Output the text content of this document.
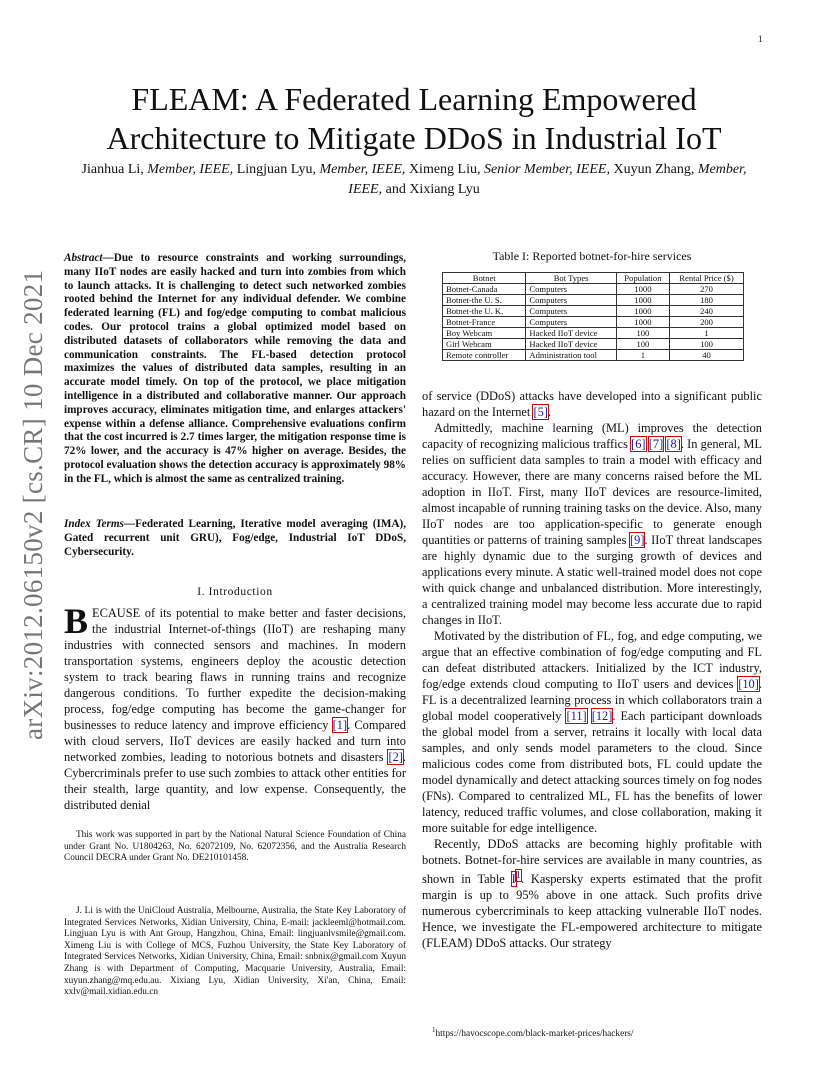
1
arXiv:2012.06150v2 [cs.CR] 10 Dec 2021
FLEAM: A Federated Learning Empowered
Architecture to Mitigate DDoS in Industrial IoT
Jianhua Li, Member, IEEE, Lingjuan Lyu, Member, IEEE, Ximeng Liu, Senior Member, IEEE, Xuyun Zhang, Member, IEEE, and Xixiang Lyu
Abstract—Due to resource constraints and working surroundings, many IIoT nodes are easily hacked and turn into zombies from which to launch attacks. It is challenging to detect such networked zombies rooted behind the Internet for any individual defender. We combine federated learning (FL) and fog/edge computing to combat malicious codes. Our protocol trains a global optimized model based on distributed datasets of collaborators while removing the data and communication constraints. The FL-based detection protocol maximizes the values of distributed data samples, resulting in an accurate model timely. On top of the protocol, we place mitigation intelligence in a distributed and collaborative manner. Our approach improves accuracy, eliminates mitigation time, and enlarges attackers' expense within a defense alliance. Comprehensive evaluations confirm that the cost incurred is 2.7 times larger, the mitigation response time is 72% lower, and the accuracy is 47% higher on average. Besides, the protocol evaluation shows the detection accuracy is approximately 98% in the FL, which is almost the same as centralized training.
Index Terms—Federated Learning, Iterative model averaging (IMA), Gated recurrent unit GRU), Fog/edge, Industrial IoT DDoS, Cybersecurity.
I. Introduction
BECAUSE of its potential to make better and faster decisions, the industrial Internet-of-things (IIoT) are reshaping many industries with connected sensors and machines. In modern transportation systems, engineers deploy the acoustic detection system to track bearing flaws in running trains and recognize dangerous conditions. To further expedite the decision-making process, fog/edge computing has become the game-changer for businesses to reduce latency and improve efficiency [1]. Compared with cloud servers, IIoT devices are easily hacked and turn into networked zombies, leading to notorious botnets and disasters [2]. Cybercriminals prefer to use such zombies to attack other entities for their stealth, large quantity, and low expense. Consequently, the distributed denial

This work was supported in part by the National Natural Science Foundation of China under Grant No. U1804263, No. 62072109, No. 62072356, and the Australia Research Council DECRA under Grant No. DE210101458.

J. Li is with the UniCloud Australia, Melbourne, Australia, the State Key Laboratory of Integrated Services Networks, Xidian University, China, E-mail: jackleeml@hotmail.com. Lingjuan Lyu is with Ant Group, Hangzhou, China, Email: lingjuanlvsmile@gmail.com. Ximeng Liu is with College of MCS, Fuzhou University, the State Key Laboratory of Integrated Services Networks, Xidian University, China, Email: snbnix@gmail.com Xuyun Zhang is with Department of Computing, Macquarie University, Australia, Email: xuyun.zhang@mq.edu.au. Xixiang Lyu, Xidian University, Xi'an, China, Email: xxlv@mail.xidian.edu.cn

Table I: Reported botnet-for-hire services
Botnet	Bot Types	Population	Rental Price ($)
Botnet-Canada	Computers	1000	270
Botnet-the U. S.	Computers	1000	180
Botnet-the U. K.	Computers	1000	240
Botnet-France	Computers	1000	200
Boy Webcam	Hacked IIoT device	100	1
Girl Webcam	Hacked IIoT device	100	100
Remote controller	Administration tool	1	40

of service (DDoS) attacks have developed into a significant public hazard on the Internet [5].

Admittedly, machine learning (ML) improves the detection capacity of recognizing malicious traffics [6] [7] [8]. In general, ML relies on sufficient data samples to train a model with efficacy and accuracy. However, there are many concerns raised before the ML adoption in IIoT. First, many IIoT devices are resource-limited, almost incapable of running training tasks on the device. Also, many IIoT nodes are too application-specific to generate enough quantities or patterns of training samples [9]. IIoT threat landscapes are highly dynamic due to the surging growth of devices and applications every minute. A static well-trained model does not cope with quick change and unbalanced distribution. More interestingly, a centralized training model may become less accurate due to rapid changes in IIoT.

Motivated by the distribution of FL, fog, and edge computing, we argue that an effective combination of fog/edge computing and FL can defeat distributed attackers. Initialized by the ICT industry, fog/edge extends cloud computing to IIoT users and devices [10]. FL is a decentralized learning process in which collaborators train a global model cooperatively [11] [12]. Each participant downloads the global model from a server, retrains it locally with local data samples, and only sends model parameters to the cloud. Since malicious codes come from distributed bots, FL could update the model dynamically and detect attacking sources timely on fog nodes (FNs). Compared to centralized ML, FL has the benefits of lower latency, reduced traffic volumes, and close collaboration, making it more suitable for edge intelligence.

Recently, DDoS attacks are becoming highly profitable with botnets. Botnet-for-hire services are available in many countries, as shown in Table I$^1$. Kaspersky experts estimated that the profit margin is up to 95% above in one attack. Such profits drive numerous cybercriminals to keep attacking vulnerable IIoT nodes. Hence, we investigate the FL-empowered architecture to mitigate (FLEAM) DDoS attacks. Our strategy

$^1$https://havocscope.com/black-market-prices/hackers/
